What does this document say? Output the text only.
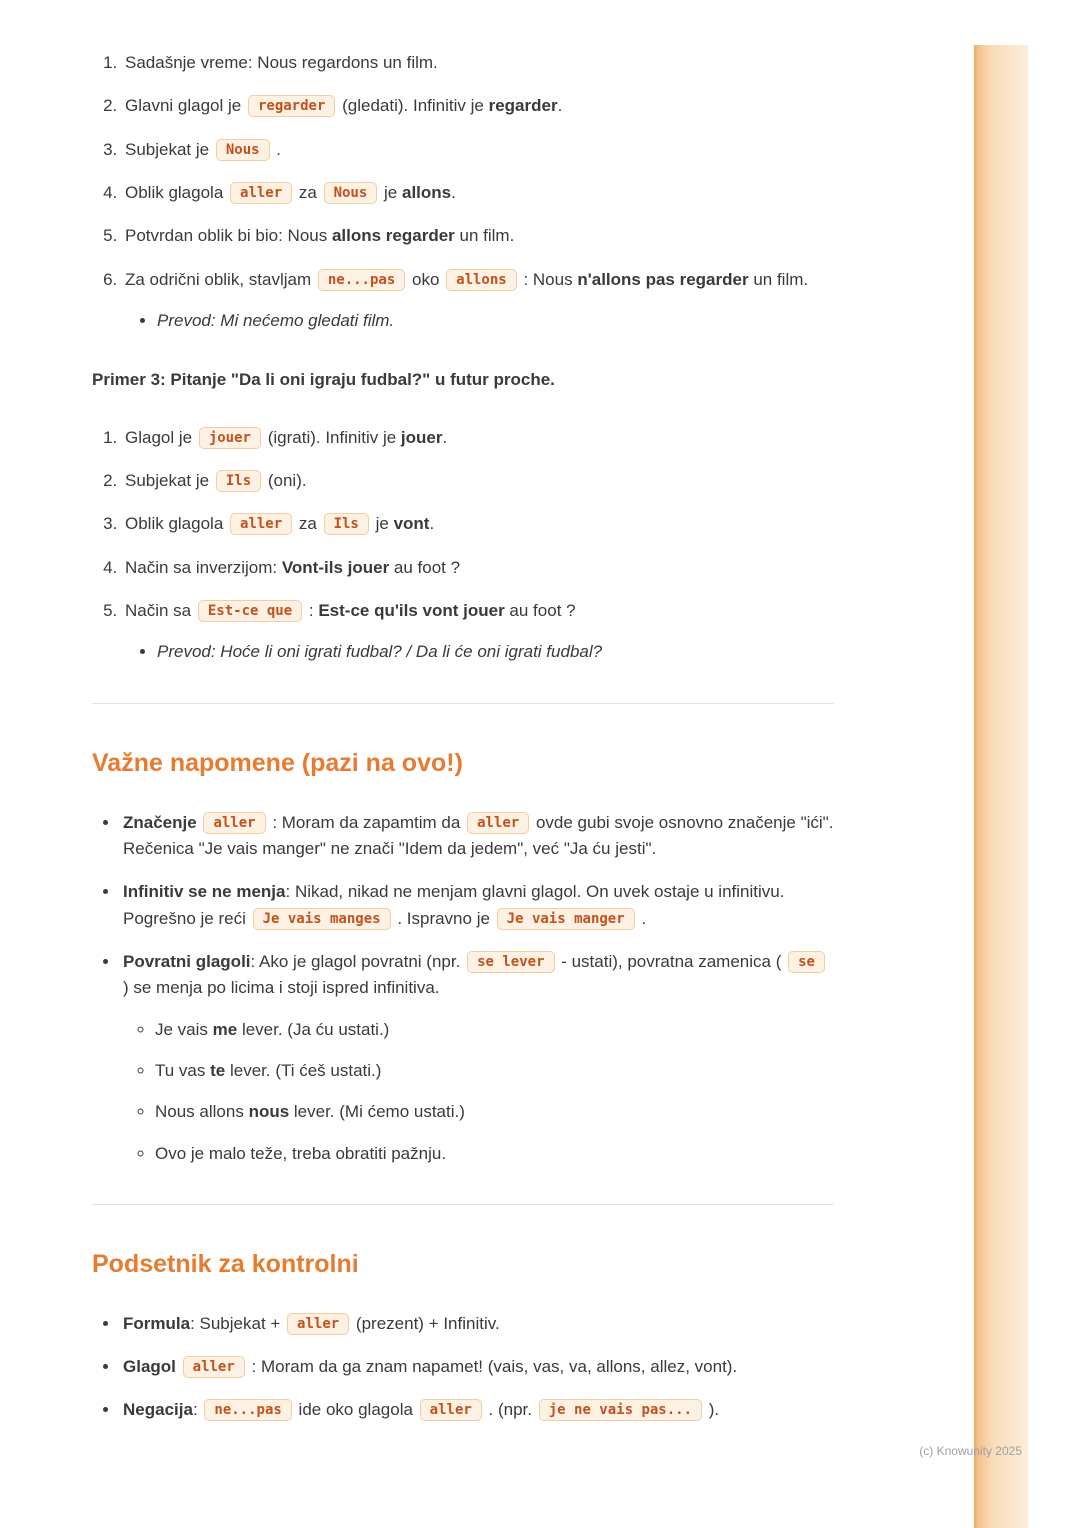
1. Sadašnje vreme: Nous regardons un film.
2. Glavni glagol je regarder (gledati). Infinitiv je regarder.
3. Subjekat je Nous .
4. Oblik glagola aller za Nous je allons.
5. Potvrdan oblik bi bio: Nous allons regarder un film.
6. Za odrični oblik, stavljam ne...pas oko allons : Nous n'allons pas regarder un film.
• Prevod: Mi nećemo gledati film.

Primer 3: Pitanje "Da li oni igraju fudbal?" u futur proche.

1. Glagol je jouer (igrati). Infinitiv je jouer.
2. Subjekat je Ils (oni).
3. Oblik glagola aller za Ils je vont.
4. Način sa inverzijom: Vont-ils jouer au foot ?
5. Način sa Est-ce que : Est-ce qu'ils vont jouer au foot ?
• Prevod: Hoće li oni igrati fudbal? / Da li će oni igrati fudbal?
Važne napomene (pazi na ovo!)
• Značenje aller : Moram da zapamtim da aller ovde gubi svoje osnovno značenje "ići". Rečenica "Je vais manger" ne znači "Idem da jedem", već "Ja ću jesti".
• Infinitiv se ne menja: Nikad, nikad ne menjam glavni glagol. On uvek ostaje u infinitivu. Pogrešno je reći Je vais manges . Ispravno je Je vais manger .
• Povratni glagoli: Ako je glagol povratni (npr. se lever - ustati), povratna zamenica ( se ) se menja po licima i stoji ispred infinitiva.
◦ Je vais me lever. (Ja ću ustati.)
◦ Tu vas te lever. (Ti ćeš ustati.)
◦ Nous allons nous lever. (Mi ćemo ustati.)
◦ Ovo je malo teže, treba obratiti pažnju.
Podsetnik za kontrolni
• Formula: Subjekat + aller (prezent) + Infinitiv.
• Glagol aller : Moram da ga znam napamet! (vais, vas, va, allons, allez, vont).
• Negacija: ne...pas ide oko glagola aller . (npr. je ne vais pas... ).
(c) Knowunity 2025
